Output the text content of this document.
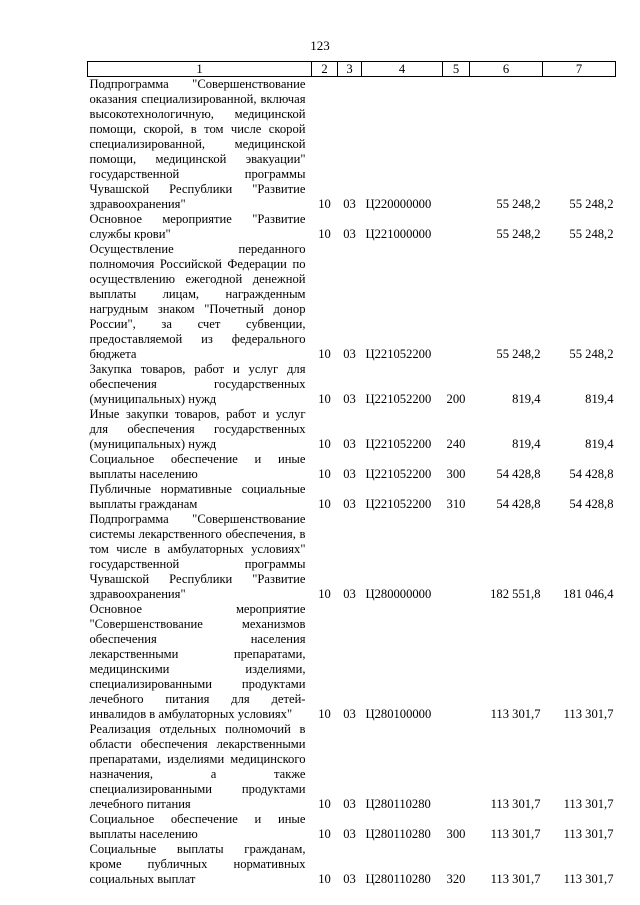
123
1	2	3	4	5	6	7
Подпрограмма "Совершенствование оказания специализированной, включая высокотехнологичную, медицинской помощи, скорой, в том числе скорой специализированной, медицинской помощи, медицинской эвакуации" государственной программы Чувашской Республики "Развитие здравоохранения"	10	03	Ц220000000		55 248,2	55 248,2
Основное мероприятие "Развитие службы крови"	10	03	Ц221000000		55 248,2	55 248,2
Осуществление переданного полномочия Российской Федерации по осуществлению ежегодной денежной выплаты лицам, награжденным нагрудным знаком "Почетный донор России", за счет субвенции, предоставляемой из федерального бюджета	10	03	Ц221052200		55 248,2	55 248,2
Закупка товаров, работ и услуг для обеспечения государственных (муниципальных) нужд	10	03	Ц221052200	200	819,4	819,4
Иные закупки товаров, работ и услуг для обеспечения государственных (муниципальных) нужд	10	03	Ц221052200	240	819,4	819,4
Социальное обеспечение и иные выплаты населению	10	03	Ц221052200	300	54 428,8	54 428,8
Публичные нормативные социальные выплаты гражданам	10	03	Ц221052200	310	54 428,8	54 428,8
Подпрограмма "Совершенствование системы лекарственного обеспечения, в том числе в амбулаторных условиях" государственной программы Чувашской Республики "Развитие здравоохранения"	10	03	Ц280000000		182 551,8	181 046,4
Основное мероприятие "Совершенствование механизмов обеспечения населения лекарственными препаратами, медицинскими изделиями, специализированными продуктами лечебного питания для детей-инвалидов в амбулаторных условиях"	10	03	Ц280100000		113 301,7	113 301,7
Реализация отдельных полномочий в области обеспечения лекарственными препаратами, изделиями медицинского назначения, а также специализированными продуктами лечебного питания	10	03	Ц280110280		113 301,7	113 301,7
Социальное обеспечение и иные выплаты населению	10	03	Ц280110280	300	113 301,7	113 301,7
Социальные выплаты гражданам, кроме публичных нормативных социальных выплат	10	03	Ц280110280	320	113 301,7	113 301,7
